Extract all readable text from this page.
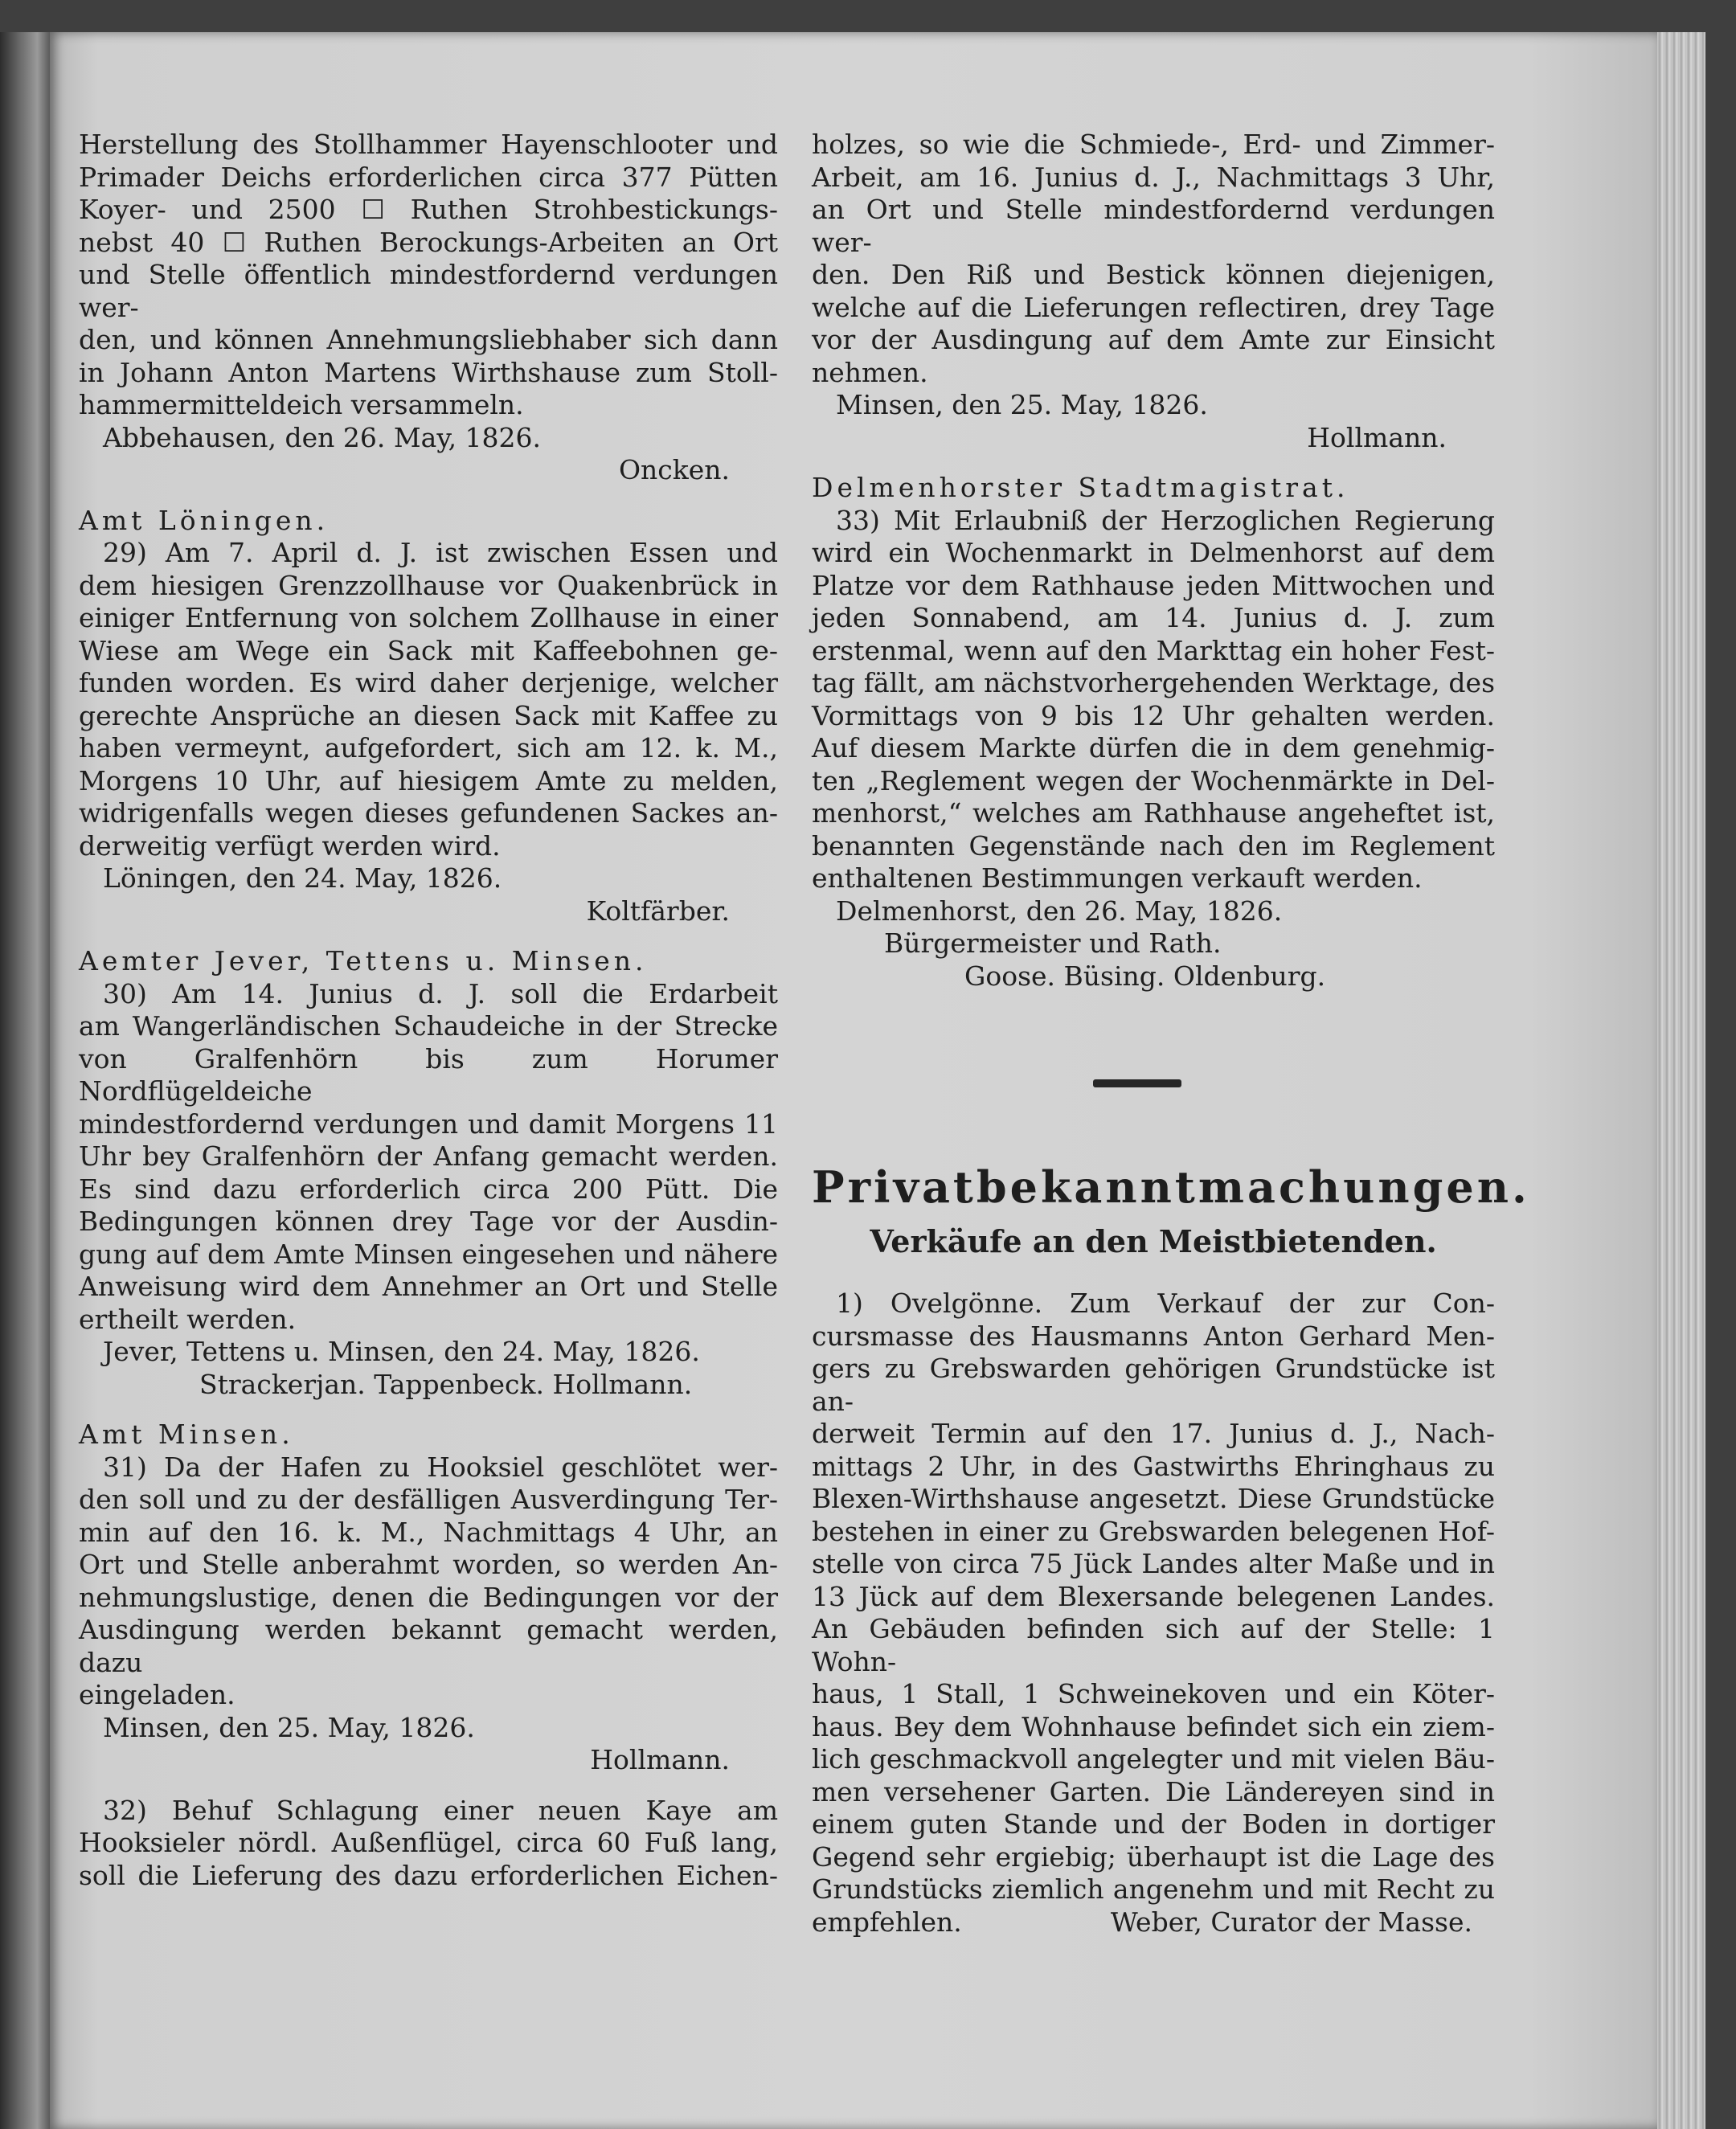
Herstellung des Stollhammer Hayenschlooter und

Primader Deichs erforderlichen circa 377 Pütten

Koyer- und 2500 ☐ Ruthen Strohbestickungs-

nebst 40 ☐ Ruthen Berockungs-Arbeiten an Ort

und Stelle öffentlich mindestfordernd verdungen wer-

den, und können Annehmungsliebhaber sich dann

in Johann Anton Martens Wirthshause zum Stoll-

hammermitteldeich versammeln.

Abbehausen, den 26. May, 1826.

Oncken.

Amt Löningen.

29) Am 7. April d. J. ist zwischen Essen und

dem hiesigen Grenzzollhause vor Quakenbrück in

einiger Entfernung von solchem Zollhause in einer

Wiese am Wege ein Sack mit Kaffeebohnen ge-

funden worden. Es wird daher derjenige, welcher

gerechte Ansprüche an diesen Sack mit Kaffee zu

haben vermeynt, aufgefordert, sich am 12. k. M.,

Morgens 10 Uhr, auf hiesigem Amte zu melden,

widrigenfalls wegen dieses gefundenen Sackes an-

derweitig verfügt werden wird.

Löningen, den 24. May, 1826.

Koltfärber.

Aemter Jever, Tettens u. Minsen.

30) Am 14. Junius d. J. soll die Erdarbeit

am Wangerländischen Schaudeiche in der Strecke

von Gralfenhörn bis zum Horumer Nordflügeldeiche

mindestfordernd verdungen und damit Morgens 11

Uhr bey Gralfenhörn der Anfang gemacht werden.

Es sind dazu erforderlich circa 200 Pütt. Die

Bedingungen können drey Tage vor der Ausdin-

gung auf dem Amte Minsen eingesehen und nähere

Anweisung wird dem Annehmer an Ort und Stelle

ertheilt werden.

Jever, Tettens u. Minsen, den 24. May, 1826.

Strackerjan. Tappenbeck. Hollmann.

Amt Minsen.

31) Da der Hafen zu Hooksiel geschlötet wer-

den soll und zu der desfälligen Ausverdingung Ter-

min auf den 16. k. M., Nachmittags 4 Uhr, an

Ort und Stelle anberahmt worden, so werden An-

nehmungslustige, denen die Bedingungen vor der

Ausdingung werden bekannt gemacht werden, dazu

eingeladen.

Minsen, den 25. May, 1826.

Hollmann.

32) Behuf Schlagung einer neuen Kaye am

Hooksieler nördl. Außenflügel, circa 60 Fuß lang,

soll die Lieferung des dazu erforderlichen Eichen-

holzes, so wie die Schmiede-, Erd- und Zimmer-

Arbeit, am 16. Junius d. J., Nachmittags 3 Uhr,

an Ort und Stelle mindestfordernd verdungen wer-

den. Den Riß und Bestick können diejenigen,

welche auf die Lieferungen reflectiren, drey Tage

vor der Ausdingung auf dem Amte zur Einsicht

nehmen.

Minsen, den 25. May, 1826.

Hollmann.

Delmenhorster Stadtmagistrat.

33) Mit Erlaubniß der Herzoglichen Regierung

wird ein Wochenmarkt in Delmenhorst auf dem

Platze vor dem Rathhause jeden Mittwochen und

jeden Sonnabend, am 14. Junius d. J. zum

erstenmal, wenn auf den Markttag ein hoher Fest-

tag fällt, am nächstvorhergehenden Werktage, des

Vormittags von 9 bis 12 Uhr gehalten werden.

Auf diesem Markte dürfen die in dem genehmig-

ten „Reglement wegen der Wochenmärkte in Del-

menhorst,“ welches am Rathhause angeheftet ist,

benannten Gegenstände nach den im Reglement

enthaltenen Bestimmungen verkauft werden.

Delmenhorst, den 26. May, 1826.

Bürgermeister und Rath.

Goose. Büsing. Oldenburg.

Privatbekanntmachungen.
Verkäufe an den Meistbietenden.

1) Ovelgönne. Zum Verkauf der zur Con-

cursmasse des Hausmanns Anton Gerhard Men-

gers zu Grebswarden gehörigen Grundstücke ist an-

derweit Termin auf den 17. Junius d. J., Nach-

mittags 2 Uhr, in des Gastwirths Ehringhaus zu

Blexen-Wirthshause angesetzt. Diese Grundstücke

bestehen in einer zu Grebswarden belegenen Hof-

stelle von circa 75 Jück Landes alter Maße und in

13 Jück auf dem Blexersande belegenen Landes.

An Gebäuden befinden sich auf der Stelle: 1 Wohn-

haus, 1 Stall, 1 Schweinekoven und ein Köter-

haus. Bey dem Wohnhause befindet sich ein ziem-

lich geschmackvoll angelegter und mit vielen Bäu-

men versehener Garten. Die Ländereyen sind in

einem guten Stande und der Boden in dortiger

Gegend sehr ergiebig; überhaupt ist die Lage des

Grundstücks ziemlich angenehm und mit Recht zu

empfehlen.	Weber, Curator der Masse.
